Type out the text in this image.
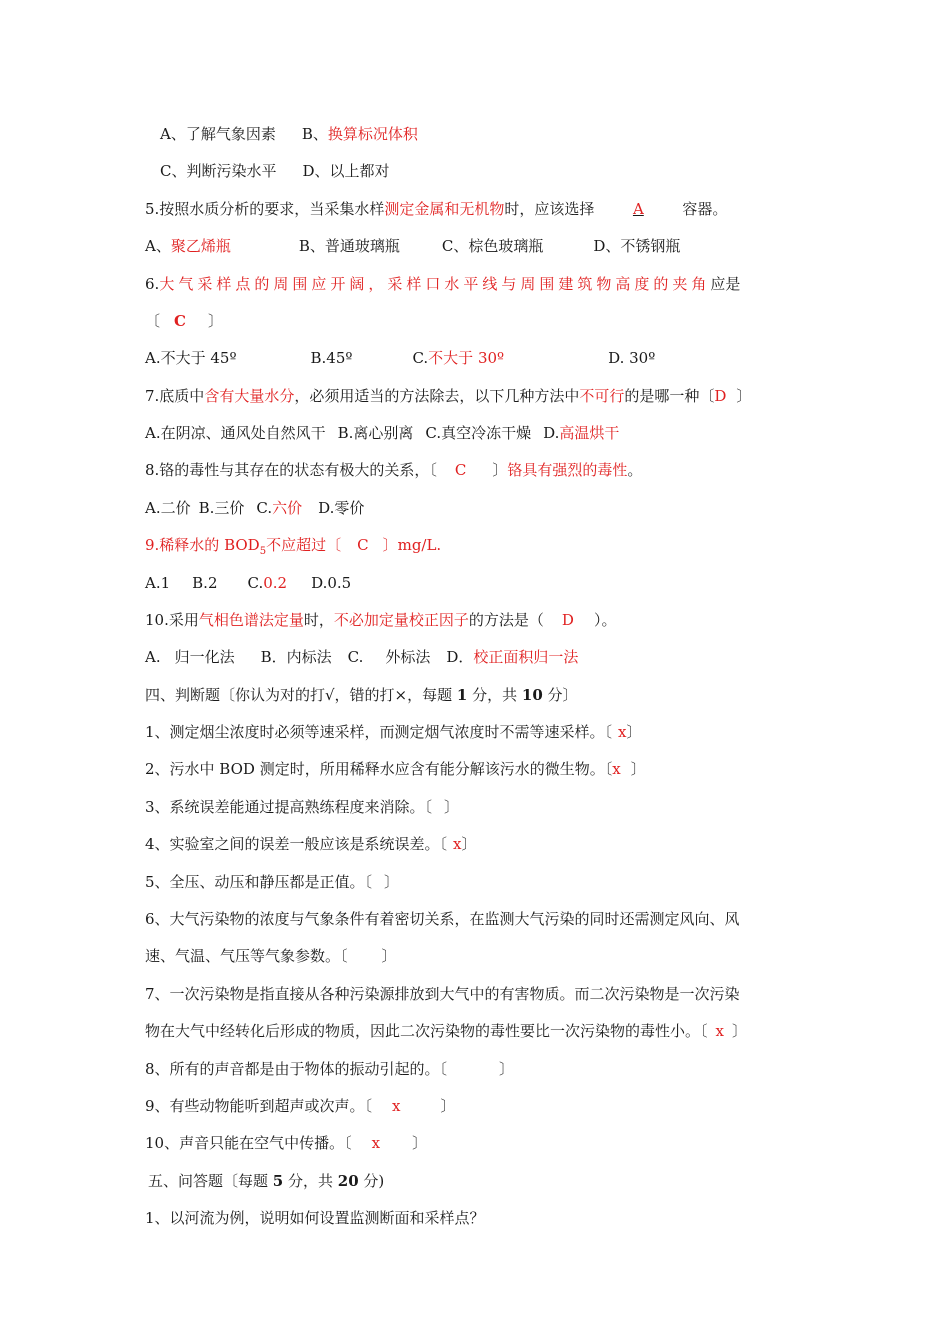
A、了解气象因素 B、换算标况体积
C、判断污染水平 D、以上都对
5.按照水质分析的要求，当采集水样测定金属和无机物时，应该选择	A	容器。
A、聚乙烯瓶	B、普通玻璃瓶	C、棕色玻璃瓶	D、不锈钢瓶
6.大气采样点的周围应开阔，采样口水平线与周围建筑物高度的夹角应是
〔 C 〕
A.不大于 45º	B.45º	C.不大于 30º	D. 30º
7.底质中含有大量水分，必须用适当的方法除去，以下几种方法中不可行的是哪一种〔D 〕
A.在阴凉、通风处自然风干 B.离心别离 C.真空冷冻干燥 D.高温烘干
8.铬的毒性与其存在的状态有极大的关系，〔 C 〕铬具有强烈的毒性。
A.二价 B.三价 C.六价 D.零价
9.稀释水的 $BOD_5$不应超过〔 C 〕mg/L.
A.1 B.2 C.0.2 D.0.5
10.采用气相色谱法定量时，不必加定量校正因子的方法是（ D ）。
A. 归一化法 B．内标法 C. 外标法 D．校正面积归一法
四、判断题〔你认为对的打√，错的打×，每题 1 分，共 10 分〕
1、测定烟尘浓度时必须等速采样，而测定烟气浓度时不需等速采样。〔 x〕
2、污水中 BOD 测定时，所用稀释水应含有能分解该污水的微生物。〔x 〕
3、系统误差能通过提高熟练程度来消除。〔 〕
4、实验室之间的误差一般应该是系统误差。〔 x〕
5、全压、动压和静压都是正值。〔 〕
6、大气污染物的浓度与气象条件有着密切关系，在监测大气污染的同时还需测定风向、风
速、气温、气压等气象参数。〔 〕
7、一次污染物是指直接从各种污染源排放到大气中的有害物质。而二次污染物是一次污染
物在大气中经转化后形成的物质，因此二次污染物的毒性要比一次污染物的毒性小。〔 x 〕
8、所有的声音都是由于物体的振动引起的。〔	〕
9、有些动物能听到超声或次声。〔 x	〕
10、声音只能在空气中传播。〔 x 〕
五、问答题〔每题 5 分，共 20 分)
1、以河流为例，说明如何设置监测断面和采样点？
